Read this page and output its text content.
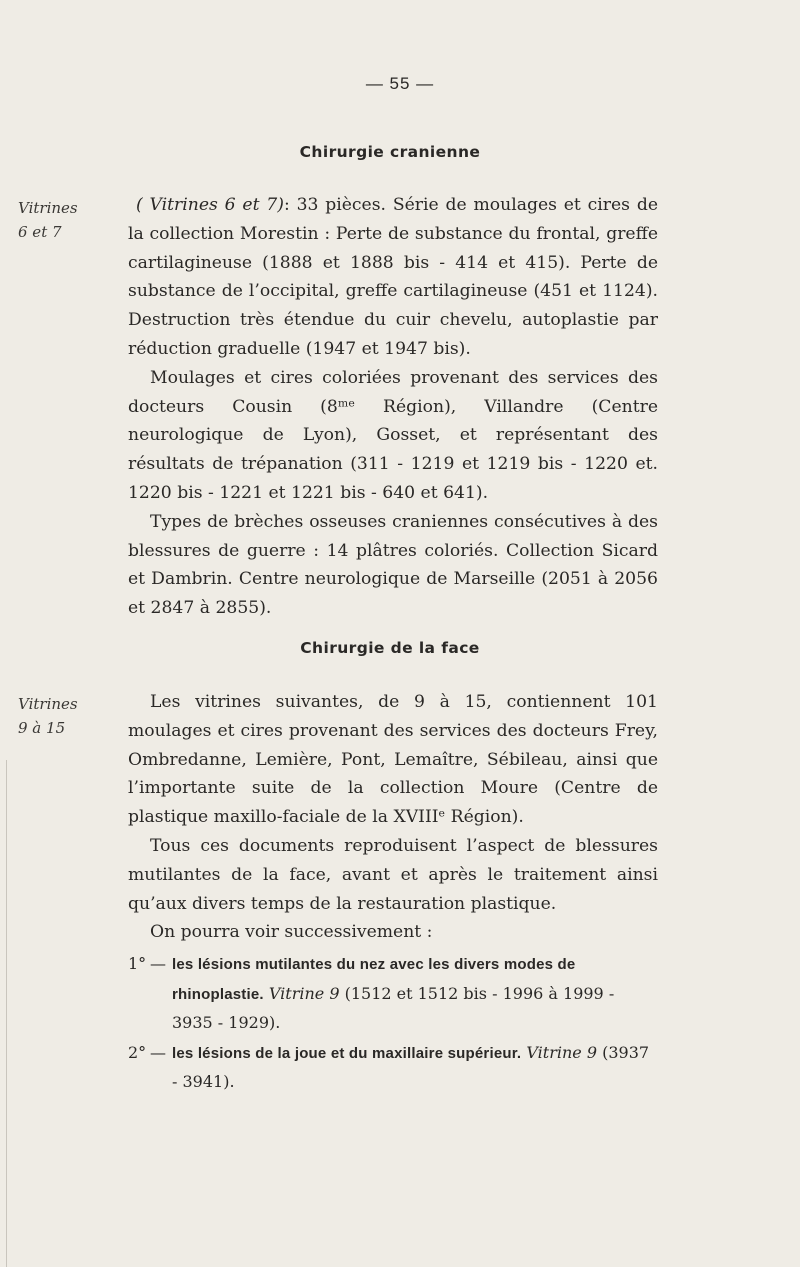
— 55 —
Chirurgie cranienne
Vitrines
6 et 7

( Vitrines 6 et 7): 33 pièces. Série de moulages et cires de la collection Morestin : Perte de substance du frontal, greffe cartilagineuse (1888 et 1888 bis - 414 et 415). Perte de substance de l’occipital, greffe cartilagineuse (451 et 1124). Destruction très étendue du cuir chevelu, autoplastie par réduction graduelle (1947 et 1947 bis).

Moulages et cires coloriées provenant des services des docteurs Cousin (8ᵐᵉ Région), Villandre (Centre neurologique de Lyon), Gosset, et représentant des résultats de trépanation (311 - 1219 et 1219 bis - 1220 et. 1220 bis - 1221 et 1221 bis - 640 et 641).

Types de brèches osseuses craniennes consécutives à des blessures de guerre : 14 plâtres coloriés. Collection Sicard et Dambrin. Centre neurologique de Marseille (2051 à 2056 et 2847 à 2855).

Chirurgie de la face
Vitrines
9 à 15

Les vitrines suivantes, de 9 à 15, contiennent 101 moulages et cires provenant des services des docteurs Frey, Ombredanne, Lemière, Pont, Lemaître, Sébileau, ainsi que l’importante suite de la collection Moure (Centre de plastique maxillo-faciale de la XVIIIᵉ Région).

Tous ces documents reproduisent l’aspect de blessures mutilantes de la face, avant et après le traitement ainsi qu’aux divers temps de la restauration plastique.

On pourra voir successivement :

1° — les lésions mutilantes du nez avec les divers modes de rhinoplastie. Vitrine 9 (1512 et 1512 bis - 1996 à 1999 - 3935 - 1929).
2° — les lésions de la joue et du maxillaire supérieur. Vitrine 9 (3937 - 3941).
